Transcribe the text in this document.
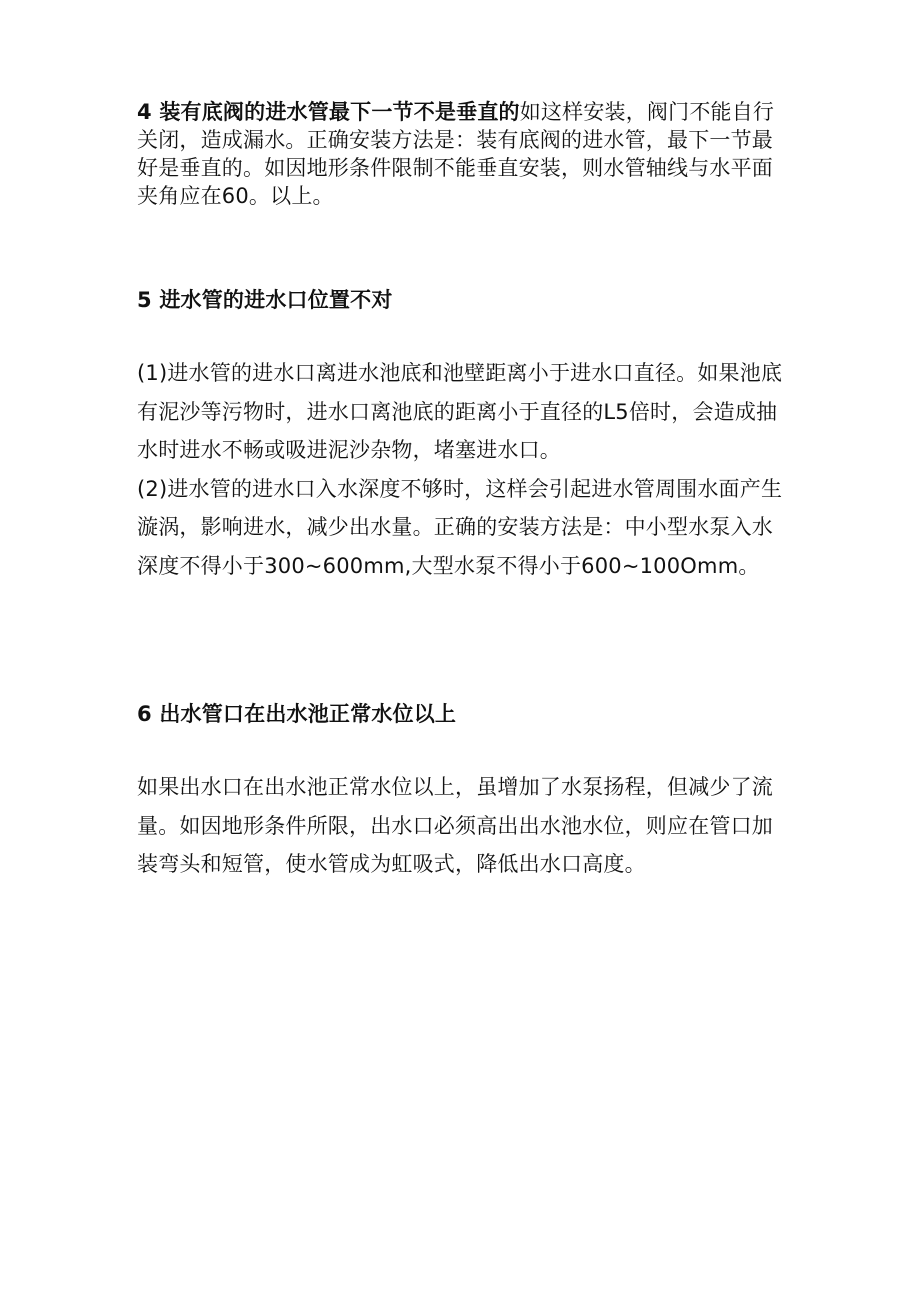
4 装有底阀的进水管最下一节不是垂直的如这样安装，阀门不能自行关闭，造成漏水。正确安装方法是：装有底阀的进水管，最下一节最好是垂直的。如因地形条件限制不能垂直安装，则水管轴线与水平面夹角应在60。以上。
5 进水管的进水口位置不对

(1)进水管的进水口离进水池底和池壁距离小于进水口直径。如果池底有泥沙等污物时，进水口离池底的距离小于直径的L5倍时，会造成抽水时进水不畅或吸进泥沙杂物，堵塞进水口。

(2)进水管的进水口入水深度不够时，这样会引起进水管周围水面产生漩涡，影响进水，减少出水量。正确的安装方法是：中小型水泵入水深度不得小于300~600mm,大型水泵不得小于600~100Omm。

6 出水管口在出水池正常水位以上

如果出水口在出水池正常水位以上，虽增加了水泵扬程，但减少了流量。如因地形条件所限，出水口必须高出出水池水位，则应在管口加装弯头和短管，使水管成为虹吸式，降低出水口高度。
